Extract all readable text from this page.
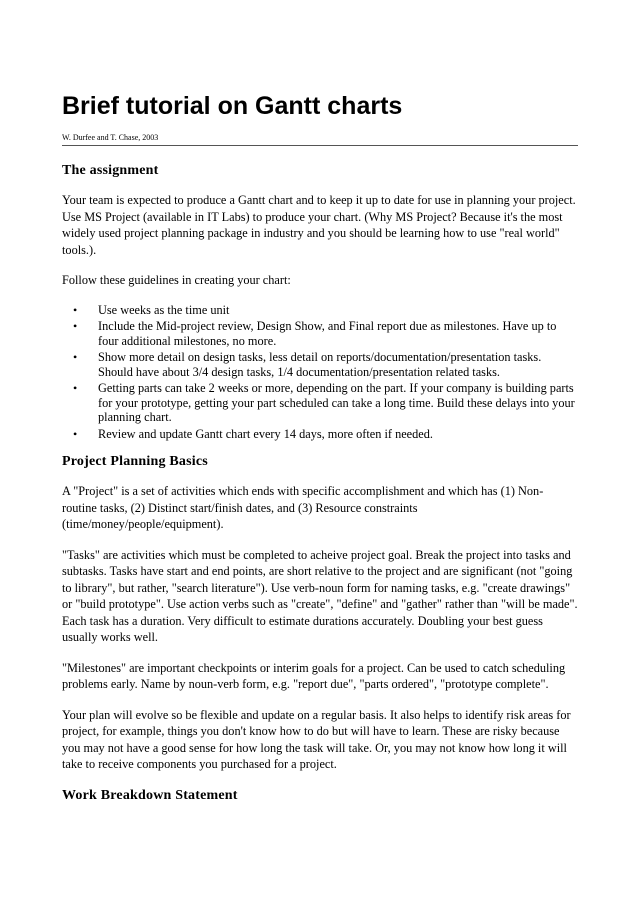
Brief tutorial on Gantt charts
W. Durfee and T. Chase, 2003
The assignment

Your team is expected to produce a Gantt chart and to keep it up to date for use in planning your project. Use MS Project (available in IT Labs) to produce your chart. (Why MS Project? Because it's the most widely used project planning package in industry and you should be learning how to use "real world" tools.).

Follow these guidelines in creating your chart:

• Use weeks as the time unit
• Include the Mid-project review, Design Show, and Final report due as milestones. Have up to four additional milestones, no more.
• Show more detail on design tasks, less detail on reports/documentation/presentation tasks. Should have about 3/4 design tasks, 1/4 documentation/presentation related tasks.
• Getting parts can take 2 weeks or more, depending on the part. If your company is building parts for your prototype, getting your part scheduled can take a long time. Build these delays into your planning chart.
• Review and update Gantt chart every 14 days, more often if needed.
Project Planning Basics

A "Project" is a set of activities which ends with specific accomplishment and which has (1) Non-routine tasks, (2) Distinct start/finish dates, and (3) Resource constraints (time/money/people/equipment).

"Tasks" are activities which must be completed to acheive project goal. Break the project into tasks and subtasks. Tasks have start and end points, are short relative to the project and are significant (not "going to library", but rather, "search literature"). Use verb-noun form for naming tasks, e.g. "create drawings" or "build prototype". Use action verbs such as "create", "define" and "gather" rather than "will be made". Each task has a duration. Very difficult to estimate durations accurately. Doubling your best guess usually works well.

"Milestones" are important checkpoints or interim goals for a project. Can be used to catch scheduling problems early. Name by noun-verb form, e.g. "report due", "parts ordered", "prototype complete".

Your plan will evolve so be flexible and update on a regular basis. It also helps to identify risk areas for project, for example, things you don't know how to do but will have to learn. These are risky because you may not have a good sense for how long the task will take. Or, you may not know how long it will take to receive components you purchased for a project.

Work Breakdown Statement
